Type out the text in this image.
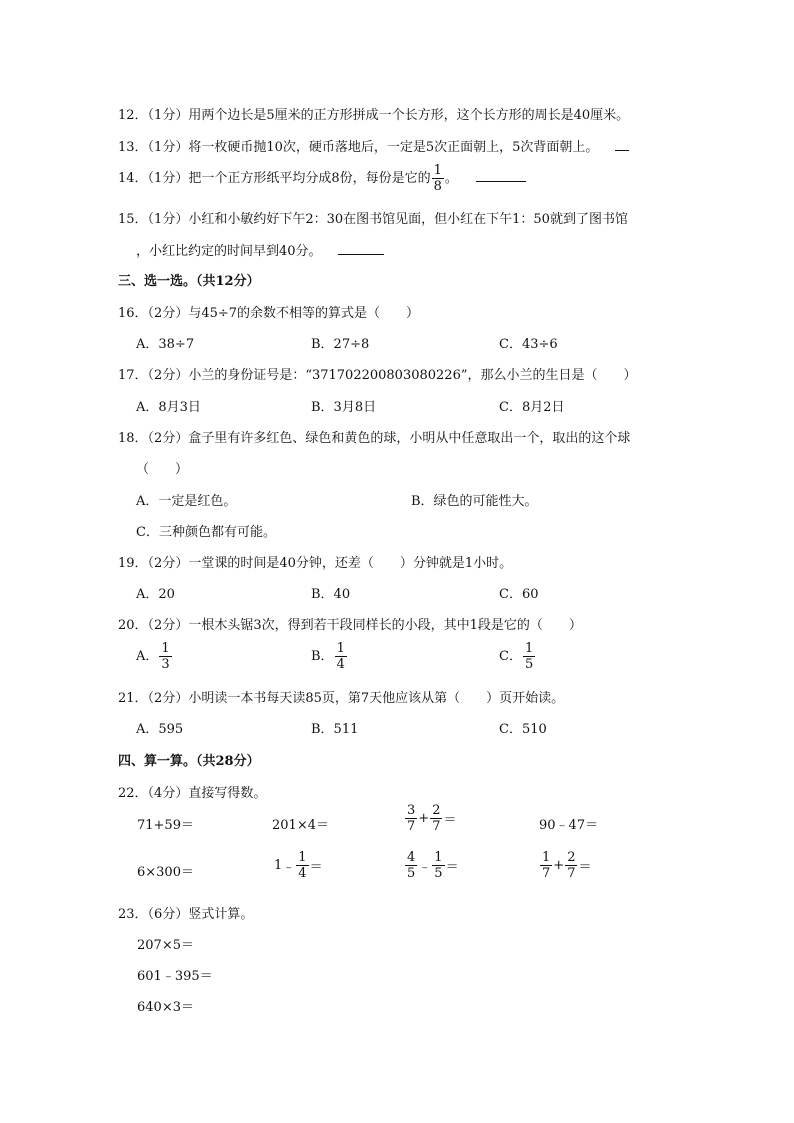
12．（1分）用两个边长是5厘米的正方形拼成一个长方形，这个长方形的周长是40厘米。
13．（1分）将一枚硬币抛10次，硬币落地后，一定是5次正面朝上，5次背面朝上。
14．（1分）把一个正方形纸平均分成8份，每份是它的 $\frac{1}{8}$ 。
15．（1分）小红和小敏约好下午2：30在图书馆见面，但小红在下午1：50就到了图书馆
，小红比约定的时间早到40分。
三、选一选。（共12分）
16．（2分）与45÷7的余数不相等的算式是（　　）
A．38÷7	B．27÷8	C．43÷6
17．（2分）小兰的身份证号是：“371702200803080226”，那么小兰的生日是（　　）
A．8月3日	B．3月8日	C．8月2日
18．（2分）盒子里有许多红色、绿色和黄色的球，小明从中任意取出一个，取出的这个球
（　　）
A．一定是红色。	B．绿色的可能性大。
C．三种颜色都有可能。
19．（2分）一堂课的时间是40分钟，还差（　　）分钟就是1小时。
A．20	B．40	C．60
20．（2分）一根木头锯3次，得到若干段同样长的小段，其中1段是它的（　　）
A． $\frac{1}{3}$	B． $\frac{1}{4}$	C． $\frac{1}{5}$
21．（2分）小明读一本书每天读85页，第7天他应该从第（　　）页开始读。
A．595	B．511	C．510
四、算一算。（共28分）
22．（4分）直接写得数。
71+59＝	201×4＝	$\frac{3}{7} + \frac{2}{7}$ ＝	90﹣47＝
6×300＝	1﹣ $\frac{1}{4}$ ＝	$\frac{4}{5}$ ﹣ $\frac{1}{5}$ ＝	$\frac{1}{7} + \frac{2}{7}$ ＝
23．（6分）竖式计算。
207×5＝
601﹣395＝
640×3＝
